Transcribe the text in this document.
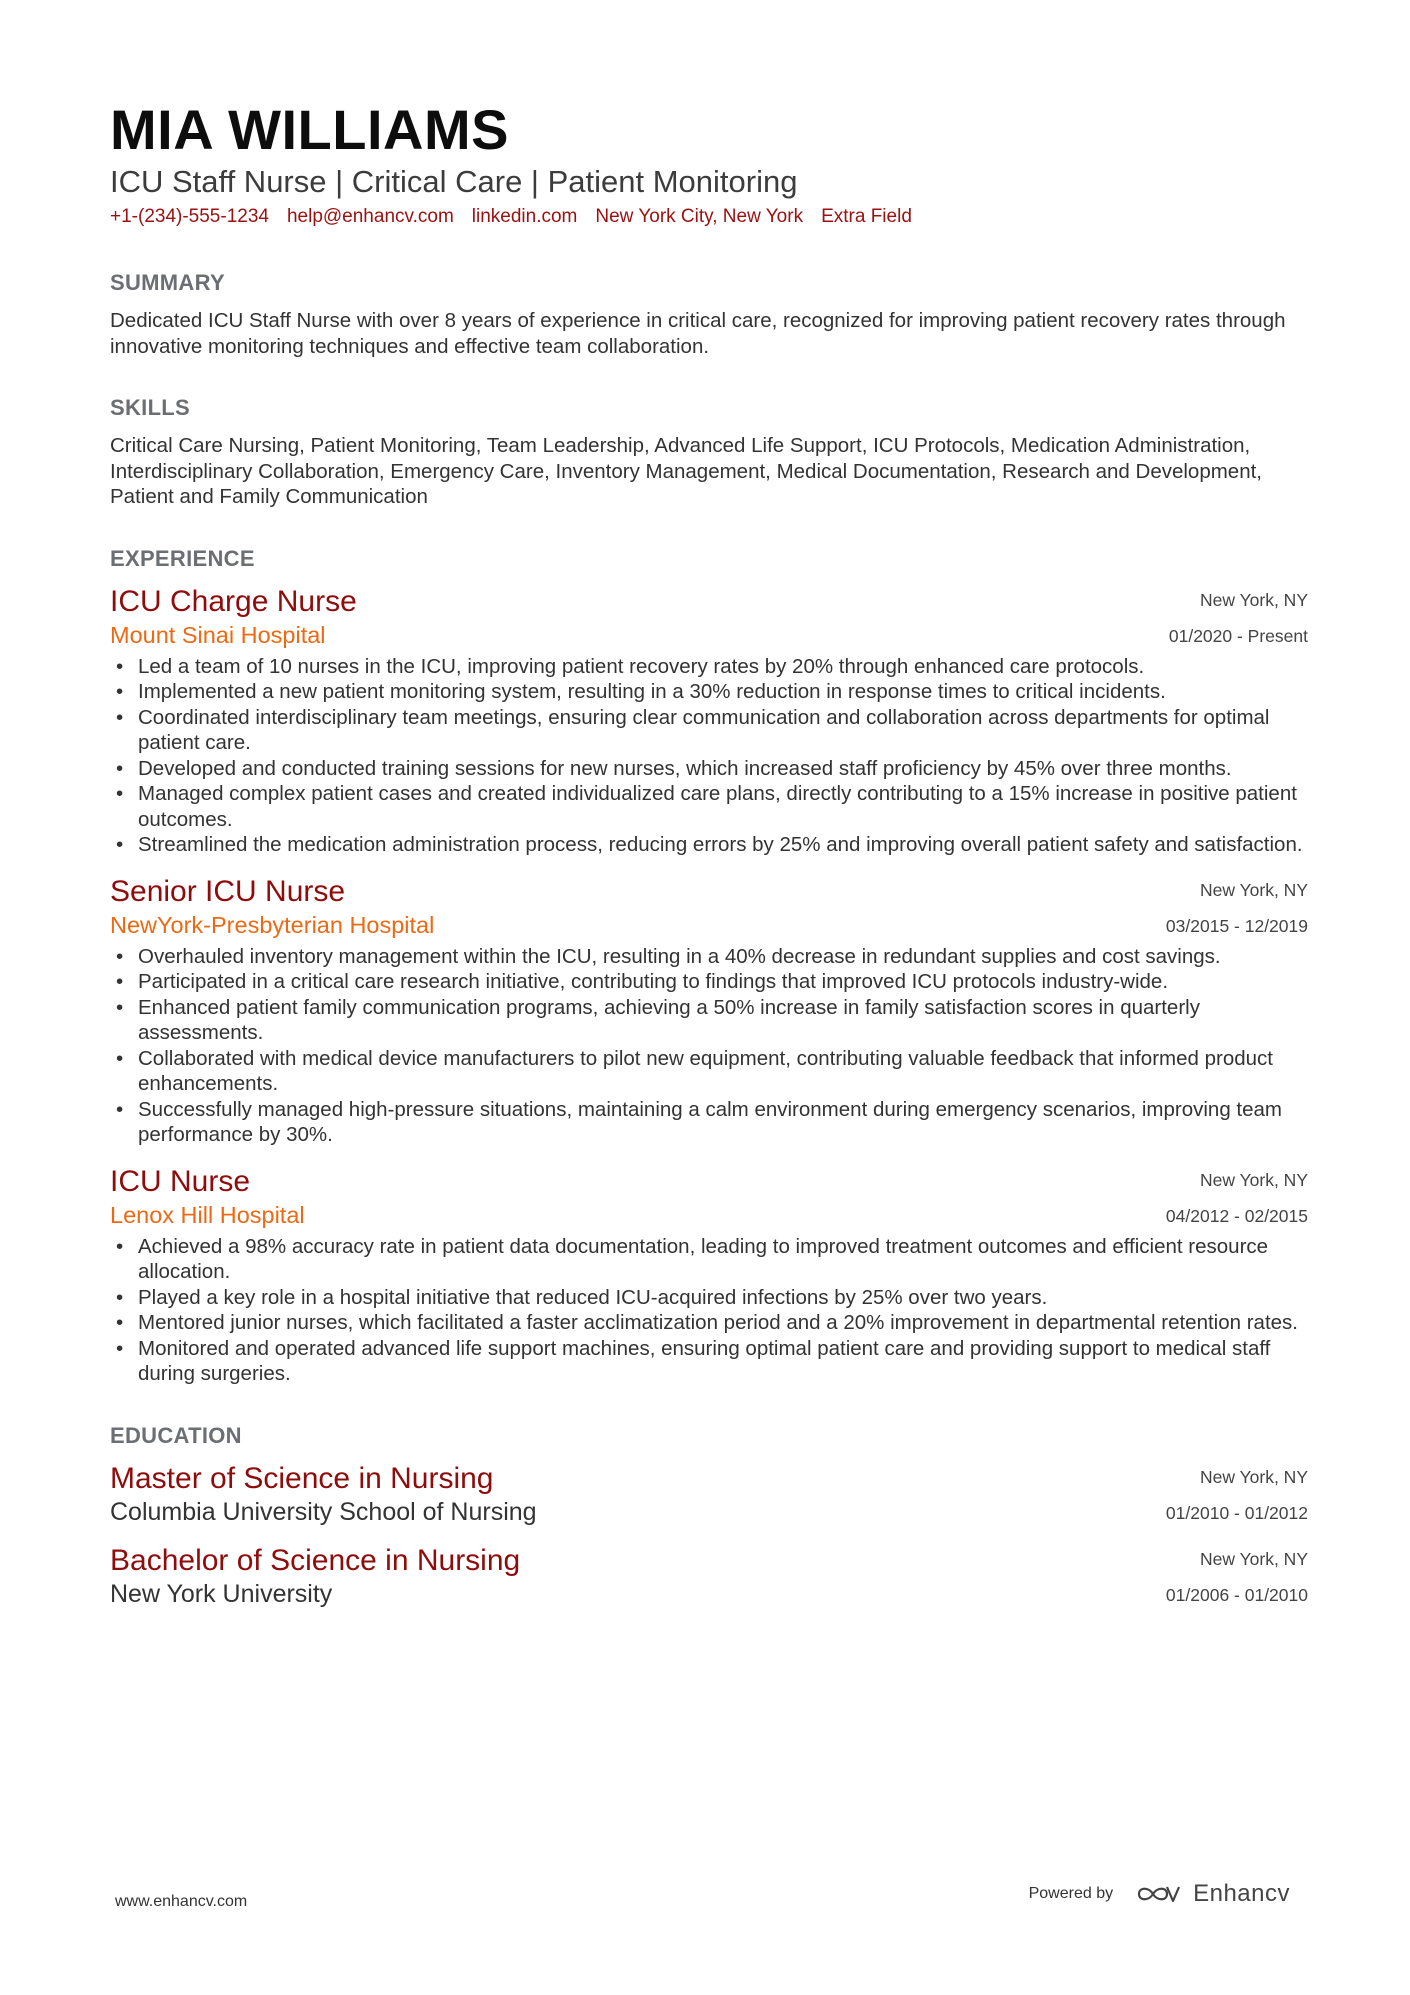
MIA WILLIAMS
ICU Staff Nurse | Critical Care | Patient Monitoring
+1-(234)-555-1234 help@enhancv.com linkedin.com New York City, New York Extra Field
SUMMARY
Dedicated ICU Staff Nurse with over 8 years of experience in critical care, recognized for improving patient recovery rates through innovative monitoring techniques and effective team collaboration.
SKILLS
Critical Care Nursing, Patient Monitoring, Team Leadership, Advanced Life Support, ICU Protocols, Medication Administration, Interdisciplinary Collaboration, Emergency Care, Inventory Management, Medical Documentation, Research and Development, Patient and Family Communication
EXPERIENCE
ICU Charge Nurse
Mount Sinai Hospital
New York, NY
01/2020 - Present
• Led a team of 10 nurses in the ICU, improving patient recovery rates by 20% through enhanced care protocols.
• Implemented a new patient monitoring system, resulting in a 30% reduction in response times to critical incidents.
• Coordinated interdisciplinary team meetings, ensuring clear communication and collaboration across departments for optimal patient care.
• Developed and conducted training sessions for new nurses, which increased staff proficiency by 45% over three months.
• Managed complex patient cases and created individualized care plans, directly contributing to a 15% increase in positive patient outcomes.
• Streamlined the medication administration process, reducing errors by 25% and improving overall patient safety and satisfaction.
Senior ICU Nurse
NewYork-Presbyterian Hospital
New York, NY
03/2015 - 12/2019
• Overhauled inventory management within the ICU, resulting in a 40% decrease in redundant supplies and cost savings.
• Participated in a critical care research initiative, contributing to findings that improved ICU protocols industry-wide.
• Enhanced patient family communication programs, achieving a 50% increase in family satisfaction scores in quarterly assessments.
• Collaborated with medical device manufacturers to pilot new equipment, contributing valuable feedback that informed product enhancements.
• Successfully managed high-pressure situations, maintaining a calm environment during emergency scenarios, improving team performance by 30%.
ICU Nurse
Lenox Hill Hospital
New York, NY
04/2012 - 02/2015
• Achieved a 98% accuracy rate in patient data documentation, leading to improved treatment outcomes and efficient resource allocation.
• Played a key role in a hospital initiative that reduced ICU-acquired infections by 25% over two years.
• Mentored junior nurses, which facilitated a faster acclimatization period and a 20% improvement in departmental retention rates.
• Monitored and operated advanced life support machines, ensuring optimal patient care and providing support to medical staff during surgeries.
EDUCATION
Master of Science in Nursing
Columbia University School of Nursing
New York, NY
01/2010 - 01/2012
Bachelor of Science in Nursing
New York University
New York, NY
01/2006 - 01/2010
www.enhancv.com	Powered by	Enhancv
